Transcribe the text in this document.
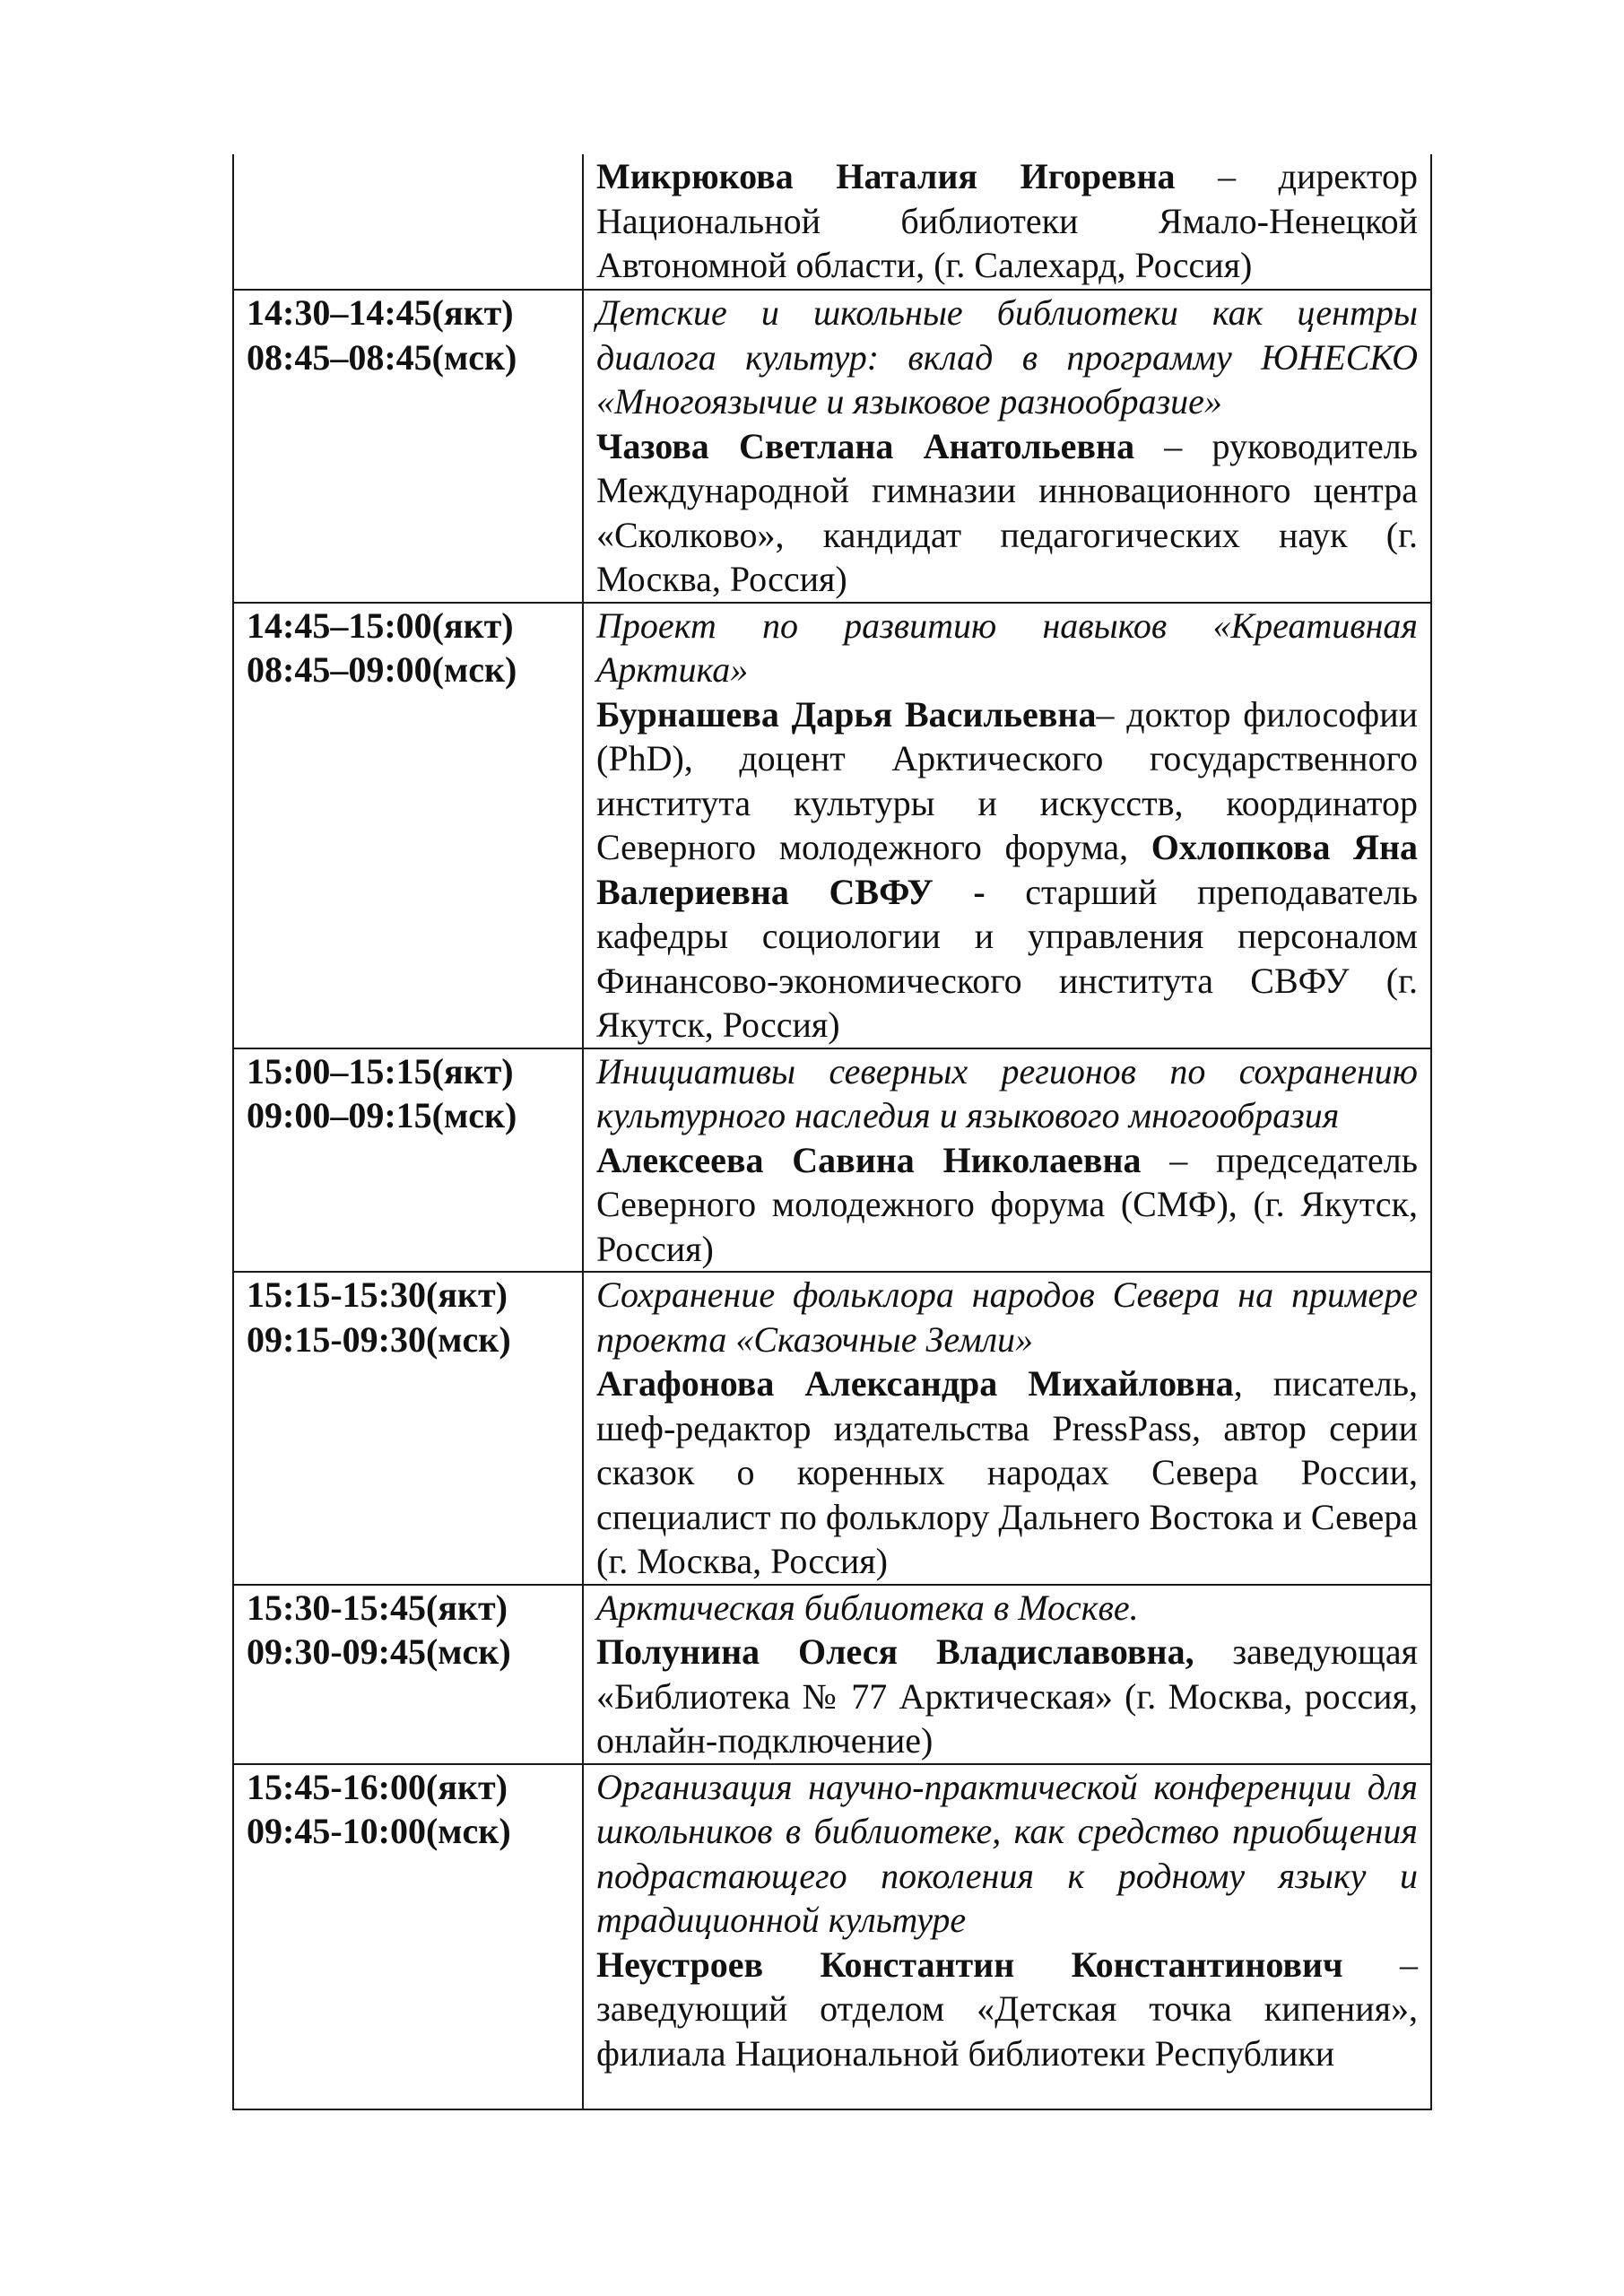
	Микрюкова Наталия Игоревна – директор Национальной библиотеки Ямало-Ненецкой Автономной области, (г. Салехард, Россия)

14:30–14:45(якт)
08:45–08:45(мск)	Детские и школьные библиотеки как центры диалога культур: вклад в программу ЮНЕСКО «Многоязычие и языковое разнообразие»
Чазова Светлана Анатольевна – руководитель Международной гимназии инновационного центра «Сколково», кандидат педагогических наук (г. Москва, Россия)

14:45–15:00(якт)
08:45–09:00(мск)	Проект по развитию навыков «Креативная Арктика»
Бурнашева Дарья Васильевна– доктор философии (PhD), доцент Арктического государственного института культуры и искусств, координатор Северного молодежного форума, Охлопкова Яна Валериевна СВФУ - старший преподаватель кафедры социологии и управления персоналом Финансово-экономического института СВФУ (г. Якутск, Россия)

15:00–15:15(якт)
09:00–09:15(мск)	Инициативы северных регионов по сохранению культурного наследия и языкового многообразия
Алексеева Савина Николаевна – председатель Северного молодежного форума (СМФ), (г. Якутск, Россия)

15:15-15:30(якт)
09:15-09:30(мск)	Сохранение фольклора народов Севера на примере проекта «Сказочные Земли»
Агафонова Александра Михайловна, писатель, шеф-редактор издательства PressPass, автор серии сказок о коренных народах Севера России, специалист по фольклору Дальнего Востока и Севера (г. Москва, Россия)

15:30-15:45(якт)
09:30-09:45(мск)	Арктическая библиотека в Москве.
Полунина Олеся Владиславовна, заведующая «Библиотека № 77 Арктическая» (г. Москва, россия, онлайн-подключение)

15:45-16:00(якт)
09:45-10:00(мск)	Организация научно-практической конференции для школьников в библиотеке, как средство приобщения подрастающего поколения к родному языку и традиционной культуре
Неустроев Константин Константинович – заведующий отделом «Детская точка кипения», филиала Национальной библиотеки Республики
